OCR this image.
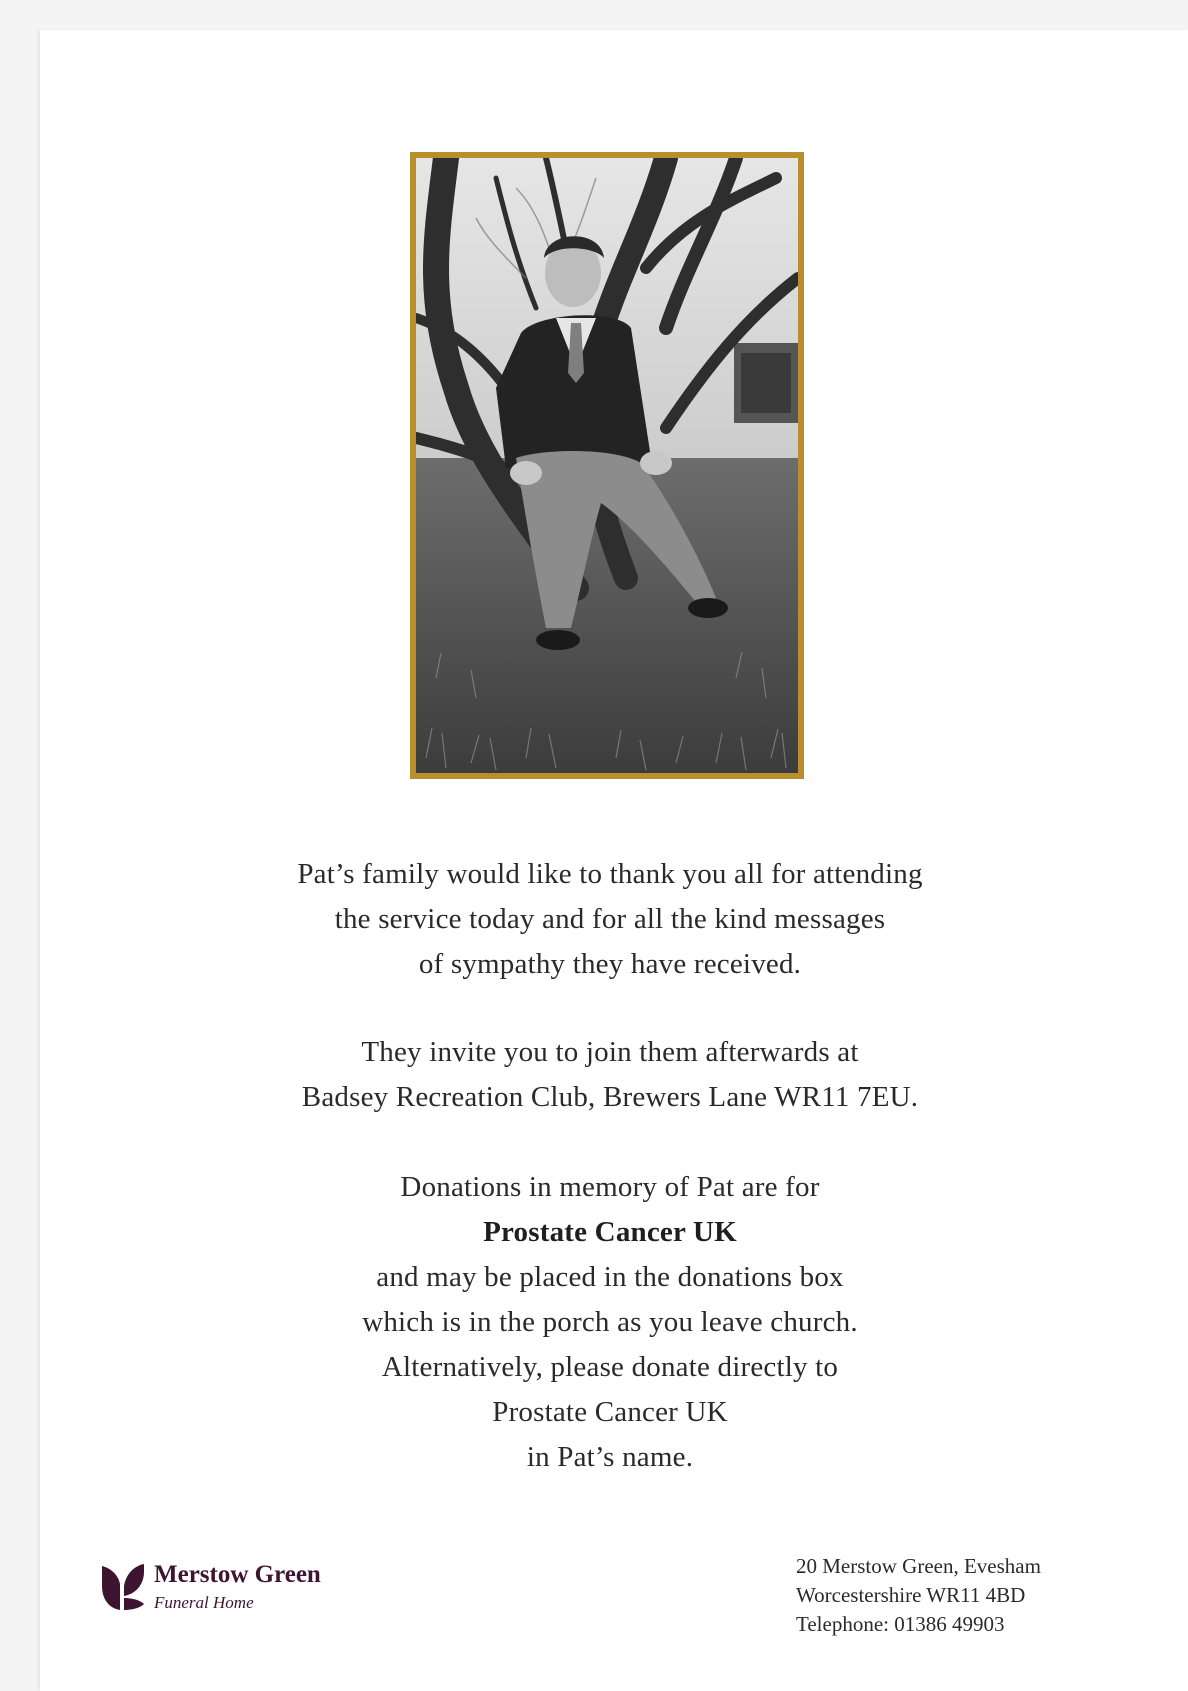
Pat’s family would like to thank you all for attending

the service today and for all the kind messages

of sympathy they have received.

They invite you to join them afterwards at

Badsey Recreation Club, Brewers Lane WR11 7EU.

Donations in memory of Pat are for

Prostate Cancer UK

and may be placed in the donations box

which is in the porch as you leave church.

Alternatively, please donate directly to

Prostate Cancer UK

in Pat’s name.

Merstow Green
Funeral Home
20 Merstow Green, Evesham
Worcestershire WR11 4BD
Telephone: 01386 49903
